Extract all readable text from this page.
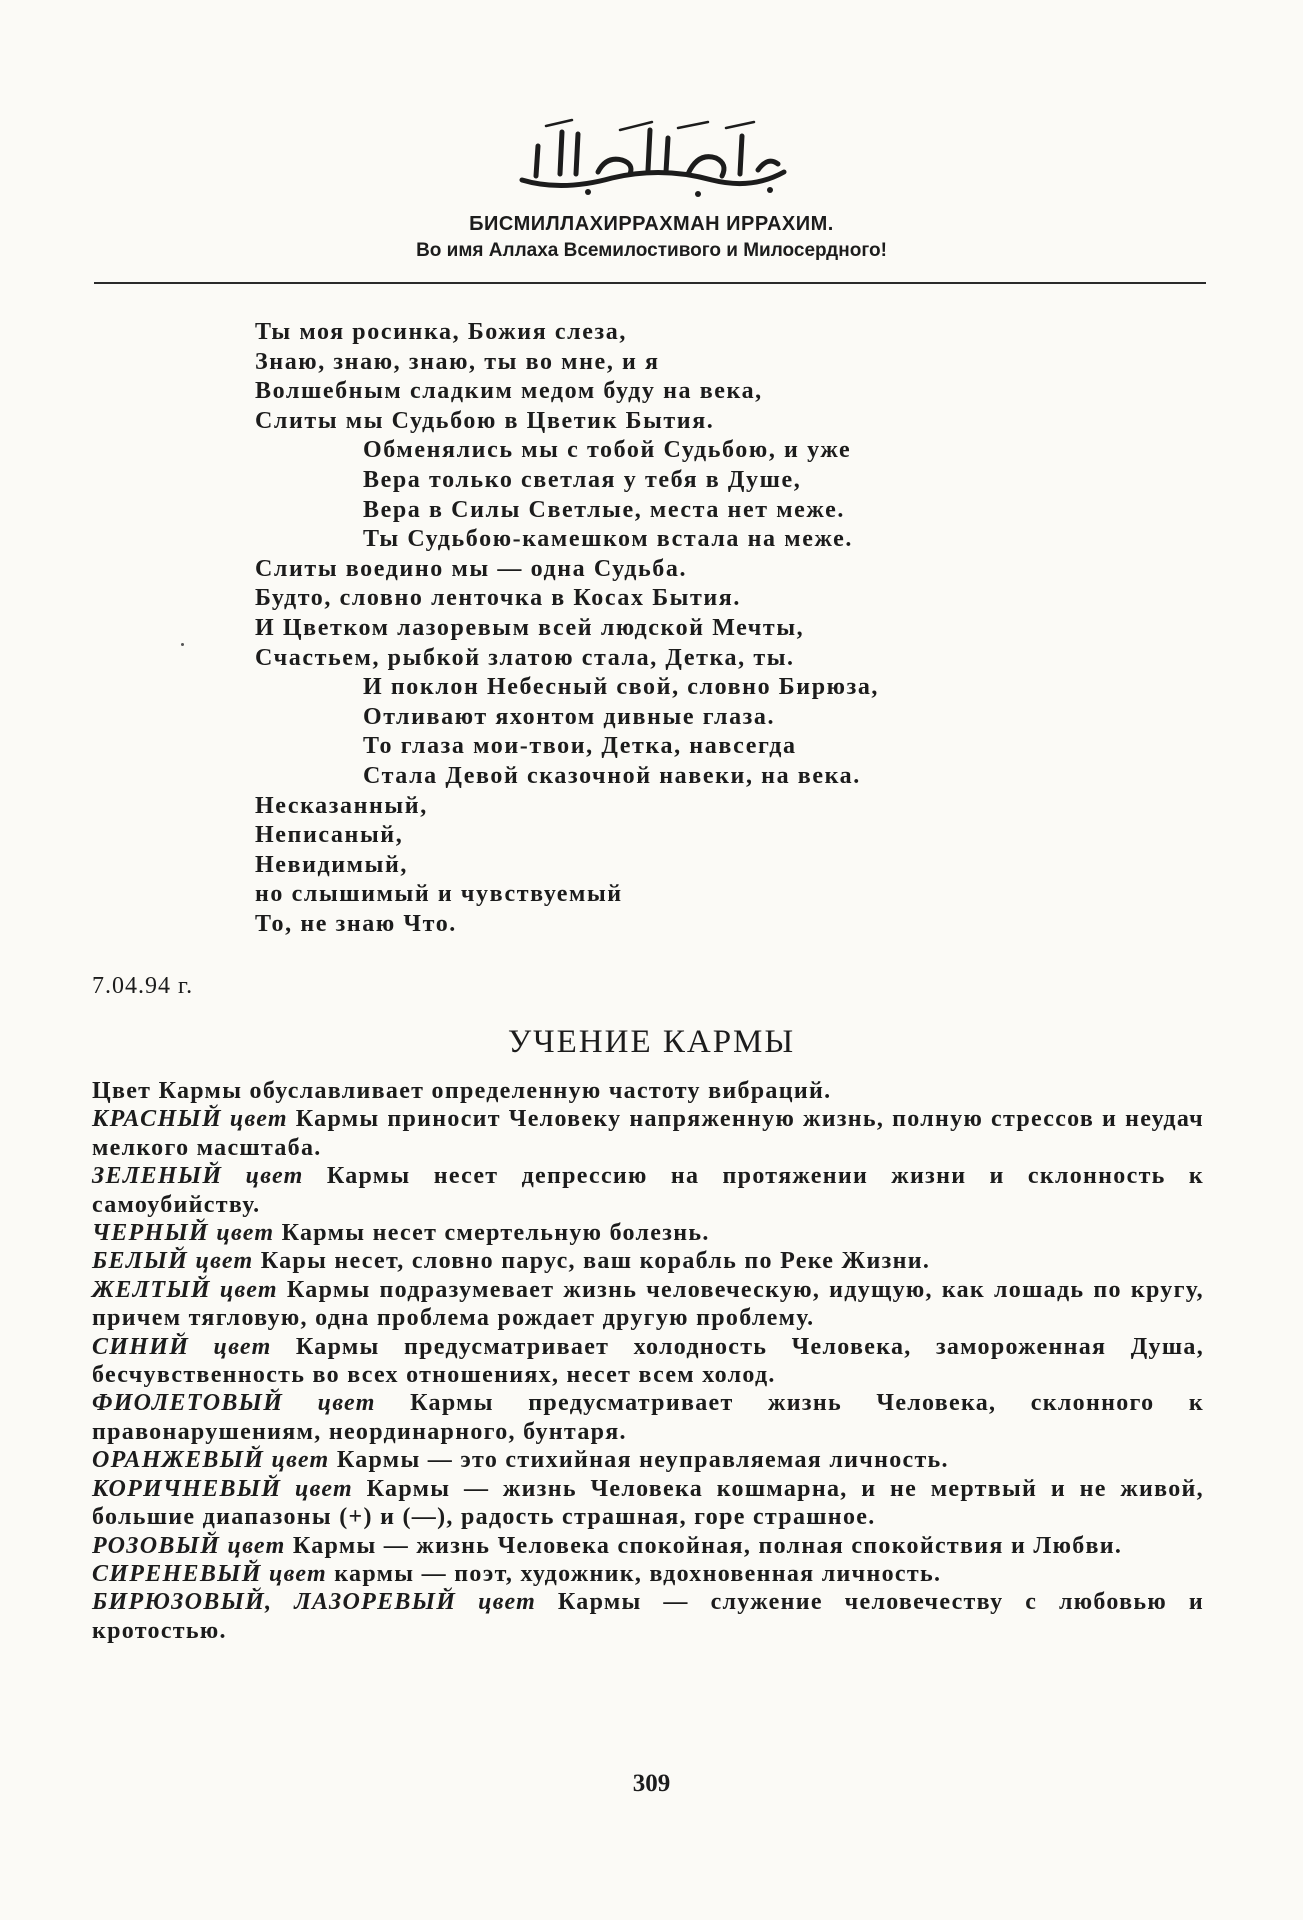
БИСМИЛЛАХИРРАХМАН ИРРАХИМ.
Во имя Аллаха Всемилостивого и Милосердного!
Ты моя росинка, Божия слеза,
Знаю, знаю, знаю, ты во мне, и я
Волшебным сладким медом буду на века,
Слиты мы Судьбою в Цветик Бытия.
Обменялись мы с тобой Судьбою, и уже
Вера только светлая у тебя в Душе,
Вера в Силы Светлые, места нет меже.
Ты Судьбою-камешком встала на меже.
Слиты воедино мы — одна Судьба.
Будто, словно ленточка в Косах Бытия.
И Цветком лазоревым всей людской Мечты,
Счастьем, рыбкой златою стала, Детка, ты.
И поклон Небесный свой, словно Бирюза,
Отливают яхонтом дивные глаза.
То глаза мои-твои, Детка, навсегда
Стала Девой сказочной навеки, на века.
Несказанный,
Неписаный,
Невидимый,
но слышимый и чувствуемый
То, не знаю Что.
7.04.94 г.
УЧЕНИЕ КАРМЫ
Цвет Кармы обуславливает определенную частоту вибраций.
КРАСНЫЙ цвет Кармы приносит Человеку напряженную жизнь, полную стрессов и неудач мелкого масштаба.
ЗЕЛЕНЫЙ цвет Кармы несет депрессию на протяжении жизни и склонность к самоубийству.
ЧЕРНЫЙ цвет Кармы несет смертельную болезнь.
БЕЛЫЙ цвет Кары несет, словно парус, ваш корабль по Реке Жизни.
ЖЕЛТЫЙ цвет Кармы подразумевает жизнь человеческую, идущую, как лошадь по кругу, причем тягловую, одна проблема рождает другую проблему.
СИНИЙ цвет Кармы предусматривает холодность Человека, замороженная Душа, бесчувственность во всех отношениях, несет всем холод.
ФИОЛЕТОВЫЙ цвет Кармы предусматривает жизнь Человека, склонного к правонарушениям, неординарного, бунтаря.
ОРАНЖЕВЫЙ цвет Кармы — это стихийная неуправляемая личность.
КОРИЧНЕВЫЙ цвет Кармы — жизнь Человека кошмарна, и не мертвый и не живой, большие диапазоны (+) и (—), радость страшная, горе страшное.
РОЗОВЫЙ цвет Кармы — жизнь Человека спокойная, полная спокойствия и Любви.
СИРЕНЕВЫЙ цвет кармы — поэт, художник, вдохновенная личность.
БИРЮЗОВЫЙ, ЛАЗОРЕВЫЙ цвет Кармы — служение человечеству с любовью и кротостью.
309
